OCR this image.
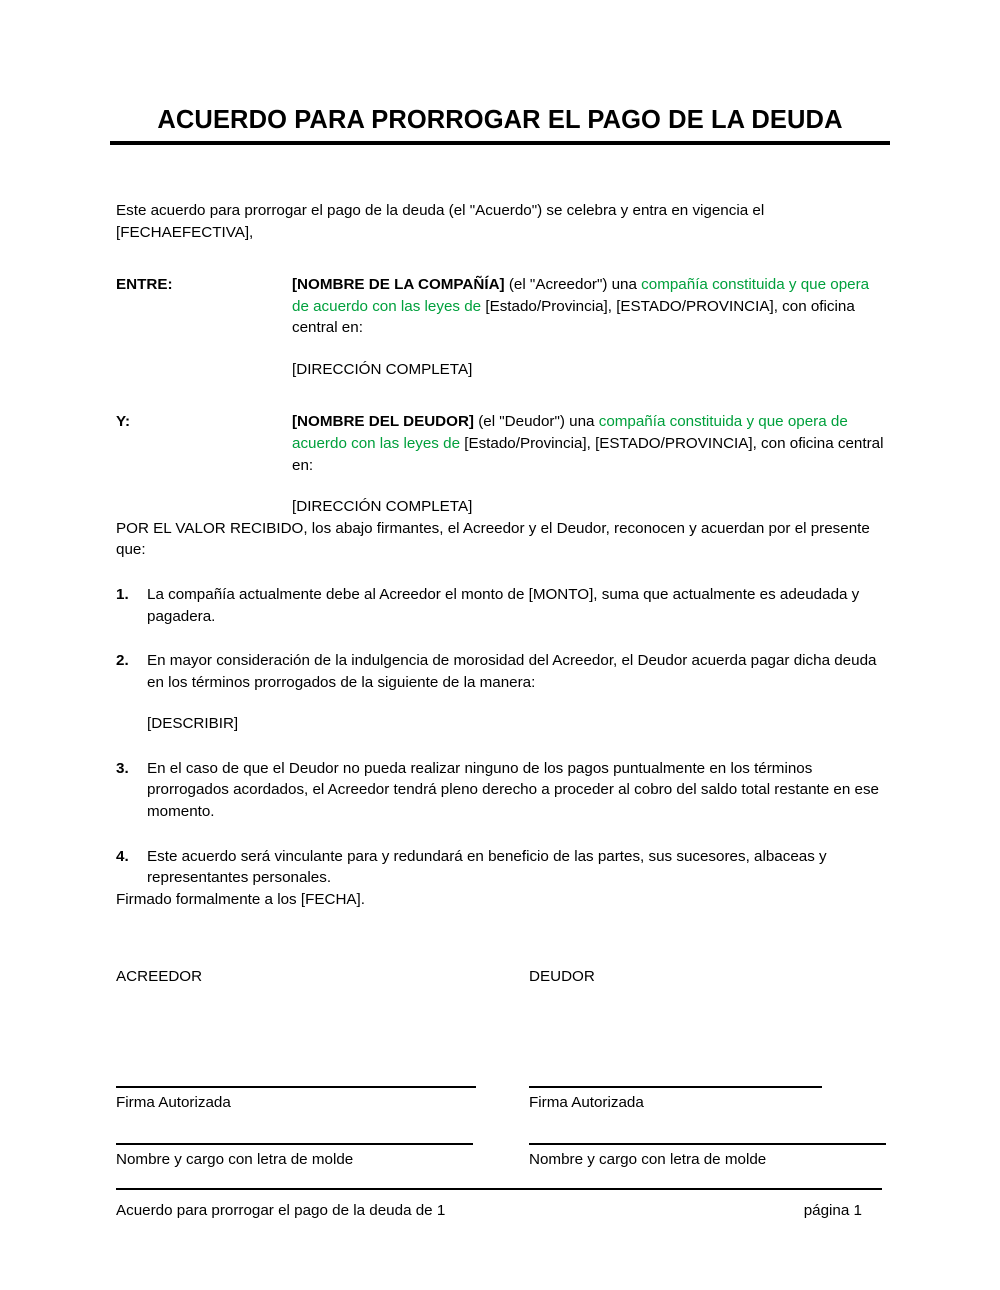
ACUERDO PARA PRORROGAR EL PAGO DE LA DEUDA

Este acuerdo para prorrogar el pago de la deuda (el "Acuerdo") se celebra y entra en vigencia el [FECHAEFECTIVA],

ENTRE:	[NOMBRE DE LA COMPAÑÍA] (el "Acreedor") una compañía constituida y que opera de acuerdo con las leyes de [Estado/Provincia], [ESTADO/PROVINCIA], con oficina central en:

[DIRECCIÓN COMPLETA]

Y:	[NOMBRE DEL DEUDOR] (el "Deudor") una compañía constituida y que opera de acuerdo con las leyes de [Estado/Provincia], [ESTADO/PROVINCIA], con oficina central en:

[DIRECCIÓN COMPLETA]

POR EL VALOR RECIBIDO, los abajo firmantes, el Acreedor y el Deudor, reconocen y acuerdan por el presente que:

1. La compañía actualmente debe al Acreedor el monto de [MONTO], suma que actualmente es adeudada y pagadera.
2. En mayor consideración de la indulgencia de morosidad del Acreedor, el Deudor acuerda pagar dicha deuda en los términos prorrogados de la siguiente de la manera:

[DESCRIBIR]

3. En el caso de que el Deudor no pueda realizar ninguno de los pagos puntualmente en los términos prorrogados acordados, el Acreedor tendrá pleno derecho a proceder al cobro del saldo total restante en ese momento.
4. Este acuerdo será vinculante para y redundará en beneficio de las partes, sus sucesores, albaceas y representantes personales.

Firmado formalmente a los [FECHA].

ACREEDOR	DEUDOR
Firma Autorizada	Firma Autorizada
Nombre y cargo con letra de molde	Nombre y cargo con letra de molde
Acuerdo para prorrogar el pago de la deuda de 1	página 1
